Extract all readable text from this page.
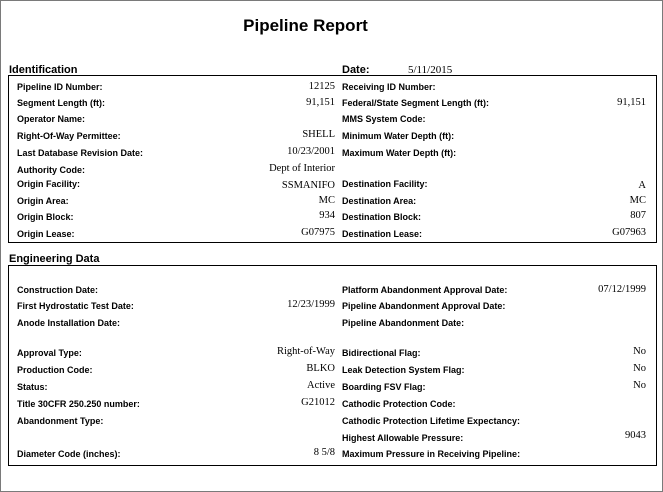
Pipeline Report
Identification	Date:	5/11/2015
Pipeline ID Number:	12125
Segment Length (ft):	91,151
Operator Name:
Right-Of-Way Permittee:	SHELL
Last Database Revision Date:	10/23/2001
Authority Code:	Dept of Interior
Origin Facility:	SSMANIFO
Origin Area:	MC
Origin Block:	934
Origin Lease:	G07975
Receiving ID Number:
Federal/State Segment Length (ft):	91,151
MMS System Code:
Minimum Water Depth (ft):
Maximum Water Depth (ft):
Destination Facility:	A
Destination Area:	MC
Destination Block:	807
Destination Lease:	G07963
Engineering Data
Construction Date:
First Hydrostatic Test Date:	12/23/1999
Anode Installation Date:
Approval Type:	Right-of-Way
Production Code:	BLKO
Status:	Active
Title 30CFR 250.250 number:	G21012
Abandonment Type:
Diameter Code (inches):	8 5/8
Platform Abandonment Approval Date:	07/12/1999
Pipeline Abandonment Approval Date:
Pipeline Abandonment Date:
Bidirectional Flag:	No
Leak Detection System Flag:	No
Boarding FSV Flag:	No
Cathodic Protection Code:
Cathodic Protection Lifetime Expectancy:
Highest Allowable Pressure:	9043
Maximum Pressure in Receiving Pipeline:
